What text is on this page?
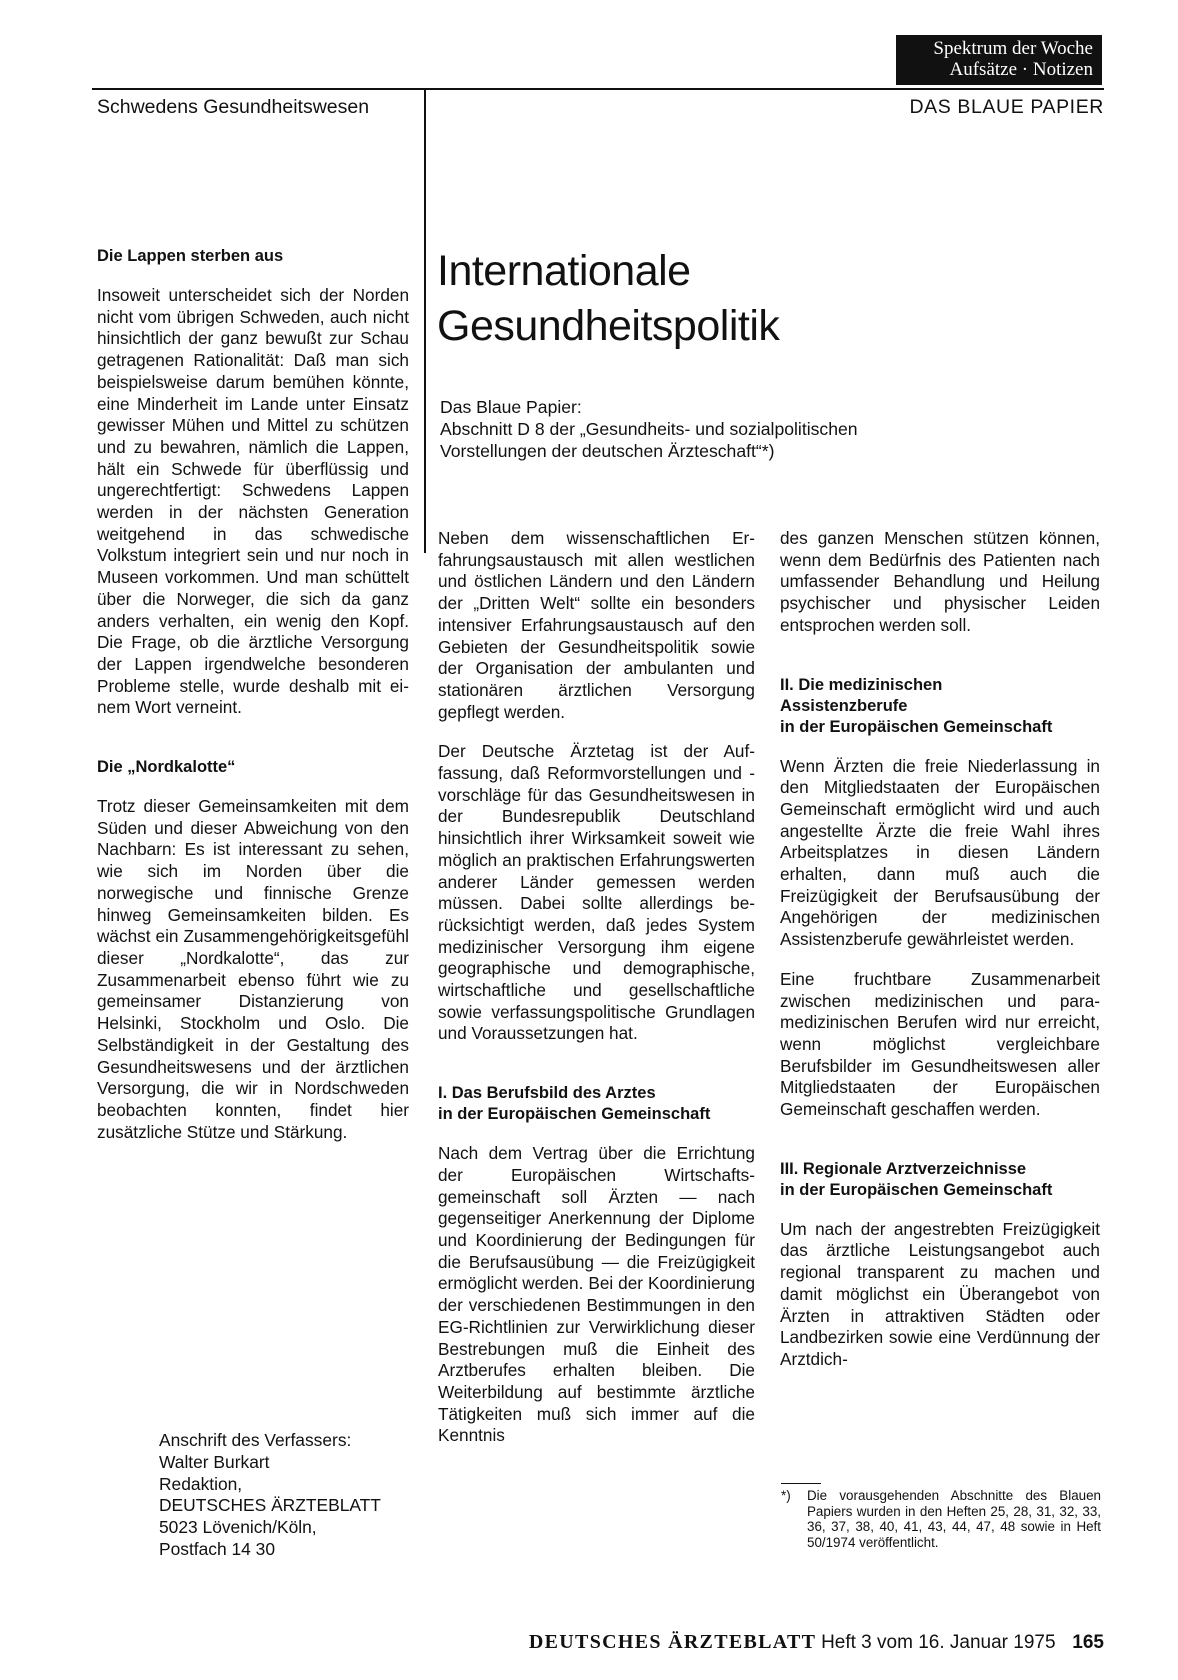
Spektrum der Woche
Aufsätze · Notizen
Schwedens Gesundheitswesen	DAS BLAUE PAPIER
Die Lappen sterben aus

Insoweit unterscheidet sich der Norden nicht vom übrigen Schweden, auch nicht hinsichtlich der ganz bewußt zur Schau getragenen Rationalität: Daß man sich beispielsweise darum bemühen könnte, eine Minderheit im Lande unter Einsatz gewisser Mühen und Mittel zu schützen und zu bewahren, nämlich die Lappen, hält ein Schwede für überflüssig und ungerechtfertigt: Schwedens Lappen werden in der nächsten Generation weitgehend in das schwedische Volkstum integriert sein und nur noch in Museen vorkommen. Und man schüttelt über die Norweger, die sich da ganz anders verhalten, ein wenig den Kopf. Die Frage, ob die ärztliche Versorgung der Lappen irgendwelche besonderen Probleme stelle, wurde deshalb mit einem Wort verneint.

Die „Nordkalotte“

Trotz dieser Gemeinsamkeiten mit dem Süden und dieser Abweichung von den Nachbarn: Es ist interessant zu sehen, wie sich im Norden über die norwegische und finnische Grenze hinweg Gemeinsamkeiten bilden. Es wächst ein Zusammengehörigkeitsgefühl dieser „Nordkalotte“, das zur Zusammenarbeit ebenso führt wie zu gemeinsamer Distanzierung von Helsinki, Stockholm und Oslo. Die Selbständigkeit in der Gestaltung des Gesundheitswesens und der ärztlichen Versorgung, die wir in Nordschweden beobachten konnten, findet hier zusätzliche Stütze und Stärkung.

Anschrift des Verfassers:
Walter Burkart
Redaktion,
DEUTSCHES ÄRZTEBLATT
5023 Lövenich/Köln,
Postfach 14 30
Internationale
Gesundheitspolitik
Das Blaue Papier:
Abschnitt D 8 der „Gesundheits- und sozialpolitischen
Vorstellungen der deutschen Ärzteschaft“*)

Neben dem wissenschaftlichen Erfahrungsaustausch mit allen westlichen und östlichen Ländern und den Ländern der „Dritten Welt“ sollte ein besonders intensiver Erfahrungsaustausch auf den Gebieten der Gesundheitspolitik sowie der Organisation der ambulanten und stationären ärztlichen Versorgung gepflegt werden.

Der Deutsche Ärztetag ist der Auffassung, daß Reformvorstellungen und -vorschläge für das Gesundheitswesen in der Bundesrepublik Deutschland hinsichtlich ihrer Wirksamkeit soweit wie möglich an praktischen Erfahrungswerten anderer Länder gemessen werden müssen. Dabei sollte allerdings berücksichtigt werden, daß jedes System medizinischer Versorgung ihm eigene geographische und demographische, wirtschaftliche und gesellschaftliche sowie verfassungspolitische Grundlagen und Voraussetzungen hat.

I. Das Berufsbild des Arztes
in der Europäischen Gemeinschaft

Nach dem Vertrag über die Errichtung der Europäischen Wirtschaftsgemeinschaft soll Ärzten — nach gegenseitiger Anerkennung der Diplome und Koordinierung der Bedingungen für die Berufsausübung — die Freizügigkeit ermöglicht werden. Bei der Koordinierung der verschiedenen Bestimmungen in den EG-Richtlinien zur Verwirklichung dieser Bestrebungen muß die Einheit des Arztberufes erhalten bleiben. Die Weiterbildung auf bestimmte ärztliche Tätigkeiten muß sich immer auf die Kenntnis

des ganzen Menschen stützen können, wenn dem Bedürfnis des Patienten nach umfassender Behandlung und Heilung psychischer und physischer Leiden entsprochen werden soll.

II. Die medizinischen
Assistenzberufe
in der Europäischen Gemeinschaft

Wenn Ärzten die freie Niederlassung in den Mitgliedstaaten der Europäischen Gemeinschaft ermöglicht wird und auch angestellte Ärzte die freie Wahl ihres Arbeitsplatzes in diesen Ländern erhalten, dann muß auch die Freizügigkeit der Berufsausübung der Angehörigen der medizinischen Assistenzberufe gewährleistet werden.

Eine fruchtbare Zusammenarbeit zwischen medizinischen und paramedizinischen Berufen wird nur erreicht, wenn möglichst vergleichbare Berufsbilder im Gesundheitswesen aller Mitgliedstaaten der Europäischen Gemeinschaft geschaffen werden.

III. Regionale Arztverzeichnisse
in der Europäischen Gemeinschaft

Um nach der angestrebten Freizügigkeit das ärztliche Leistungsangebot auch regional transparent zu machen und damit möglichst ein Überangebot von Ärzten in attraktiven Städten oder Landbezirken sowie eine Verdünnung der Arztdich-

*)	Die vorausgehenden Abschnitte des Blauen Papiers wurden in den Heften 25, 28, 31, 32, 33, 36, 37, 38, 40, 41, 43, 44, 47, 48 sowie in Heft 50/1974 veröffentlicht.
DEUTSCHES ÄRZTEBLATT Heft 3 vom 16. Januar 1975 165
